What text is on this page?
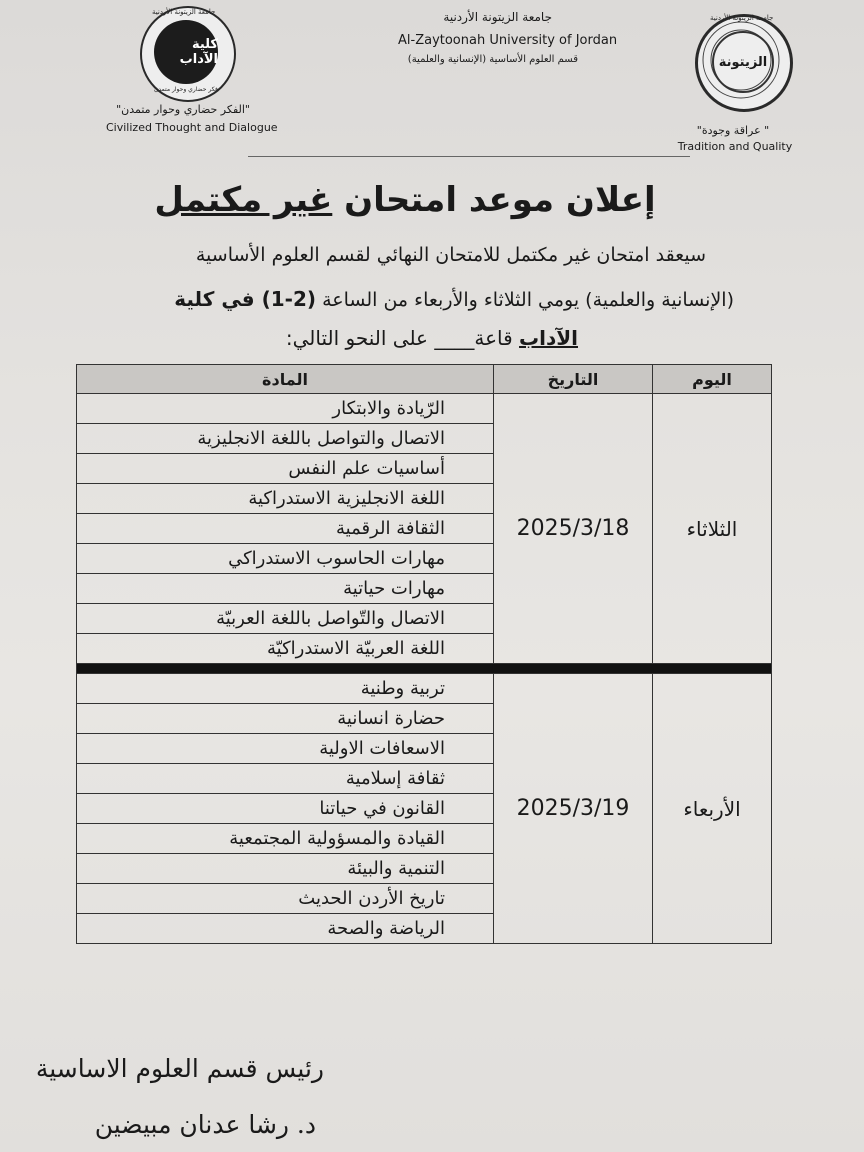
الزيتونة
جامعة الزيتونة الأردنية
كلية الآداب
جامعة الزيتونة الأردنية
فكر حضاري وحوار متمدن
جامعة الزيتونة الأردنية
Al-Zaytoonah University of Jordan
قسم العلوم الأساسية (الإنسانية والعلمية)
"الفكر حضاري وحوار متمدن"
Civilized Thought and Dialogue	" عراقة وجودة"
Tradition and Quality
إعلان موعد امتحان غير مكتمل
سيعقد امتحان غير مكتمل للامتحان النهائي لقسم العلوم الأساسية
(الإنسانية والعلمية) يومي الثلاثاء والأربعاء من الساعة (2-1) في كلية
الآداب قاعة____ على النحو التالي:
اليوم	التاريخ	المادة
الثلاثاء	2025/3/18	الرّيادة والابتكار
		الاتصال والتواصل باللغة الانجليزية
		أساسيات علم النفس
		اللغة الانجليزية الاستدراكية
		الثقافة الرقمية
		مهارات الحاسوب الاستدراكي
		مهارات حياتية
		الاتصال والتّواصل باللغة العربيّة
		اللغة العربيّة الاستدراكيّة

الأربعاء	2025/3/19	تربية وطنية
		حضارة انسانية
		الاسعافات الاولية
		ثقافة إسلامية
		القانون في حياتنا
		القيادة والمسؤولية المجتمعية
		التنمية والبيئة
		تاريخ الأردن الحديث
		الرياضة والصحة
رئيس قسم العلوم الاساسية
د. رشا عدنان مبيضين
